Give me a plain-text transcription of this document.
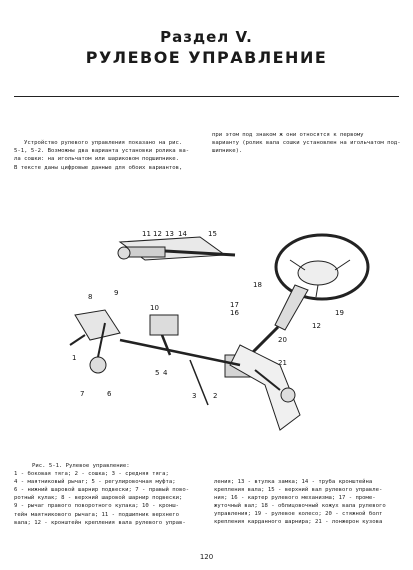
Раздел V.
РУЛЕВОЕ УПРАВЛЕНИЕ
Устройство рулевого управления показано на рис.
5-1, 5-2. Возможны два варианта установки ролика ва-
ла сошки: на игольчатом или шариковом подшипнике.
В тексте даны цифровые данные для обоих вариантов,
при этом под знаком ж они относятся к первому
варианту (ролик вала сошки установлен на игольчатом под-
шипнике).
11 12 13 14	15
18
17
16	19
12
20
21
8	9
10
1
7	6
5 4
3 2
Рис. 5-1. Рулевое управление:
1 - боковая тяга; 2 - сошка; 3 - средняя тяга;
4 - маятниковый рычаг; 5 - регулировочная муфта;
6 - нижний шаровой шарнир подвески; 7 - правый пово-
ротный кулак; 8 - верхний шаровой шарнир подвески;
9 - рычаг правого поворотного кулака; 10 - кронш-
тейн маятникового рычага; 11 - подшипник верхнего
вала; 12 - кронштейн крепления вала рулевого управ-
ления; 13 - втулка замка; 14 - труба кронштейна
крепления вала; 15 - верхний вал рулевого управле-
ния; 16 - картер рулевого механизма; 17 - проме-
жуточный вал; 18 - облицовочный кожух вала рулевого
управления; 19 - рулевое колесо; 20 - стяжной болт
крепления карданного шарнира; 21 - лонжерон кузова
120
